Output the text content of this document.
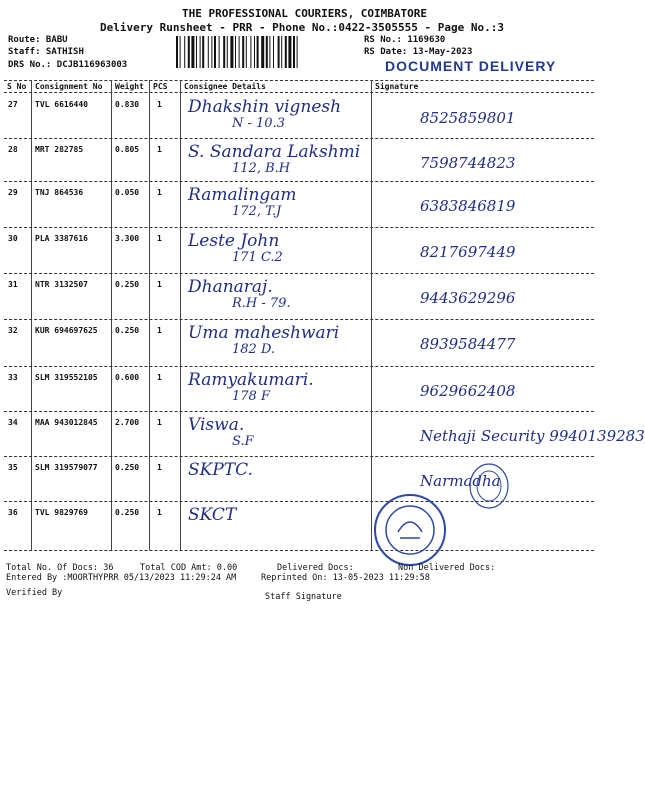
THE PROFESSIONAL COURIERS, COIMBATORE
Delivery Runsheet - PRR - Phone No.:0422-3505555 - Page No.:3
Route: BABU
Staff: SATHISH
DRS No.: DCJB116963003
RS No.: 1169630
RS Date: 13-May-2023
DOCUMENT DELIVERY
S No Consignment No Weight PCS Consignee Details	Signature
27 TVL 6616440	0.830 1 Dhakshin vignesh
N - 10.3	8525859801
28 MRT 282785	0.805 1 S. Sandara Lakshmi
112, B.H	7598744823
29 TNJ 864536	0.050 1 Ramalingam
172, T.J	6383846819
30 PLA 3387616	3.300 1 Leste John
171 C.2	8217697449
31 NTR 3132507	0.250 1 Dhanaraj.
R.H - 79.	9443629296
32 KUR 694697625 0.250 1 Uma maheshwari
182 D.	8939584477
33 SLM 319552105 0.600 1 Ramyakumari.
178 F	9629662408
34 MAA 943012845 2.700 1 Viswa.
S.F	Nethaji Security 9940139283
35 SLM 319579077 0.250 1 SKPTC.
Narmadha
36 TVL 9829769	0.250 1 SKCT
Total No. Of Docs: 36	Total COD Amt: 0.00	Delivered Docs:	Non Delivered Docs:
Entered By :MOORTHYPRR 05/13/2023 11:29:24 AM	Reprinted On: 13-05-2023 11:29:58
Verified By	Staff Signature
